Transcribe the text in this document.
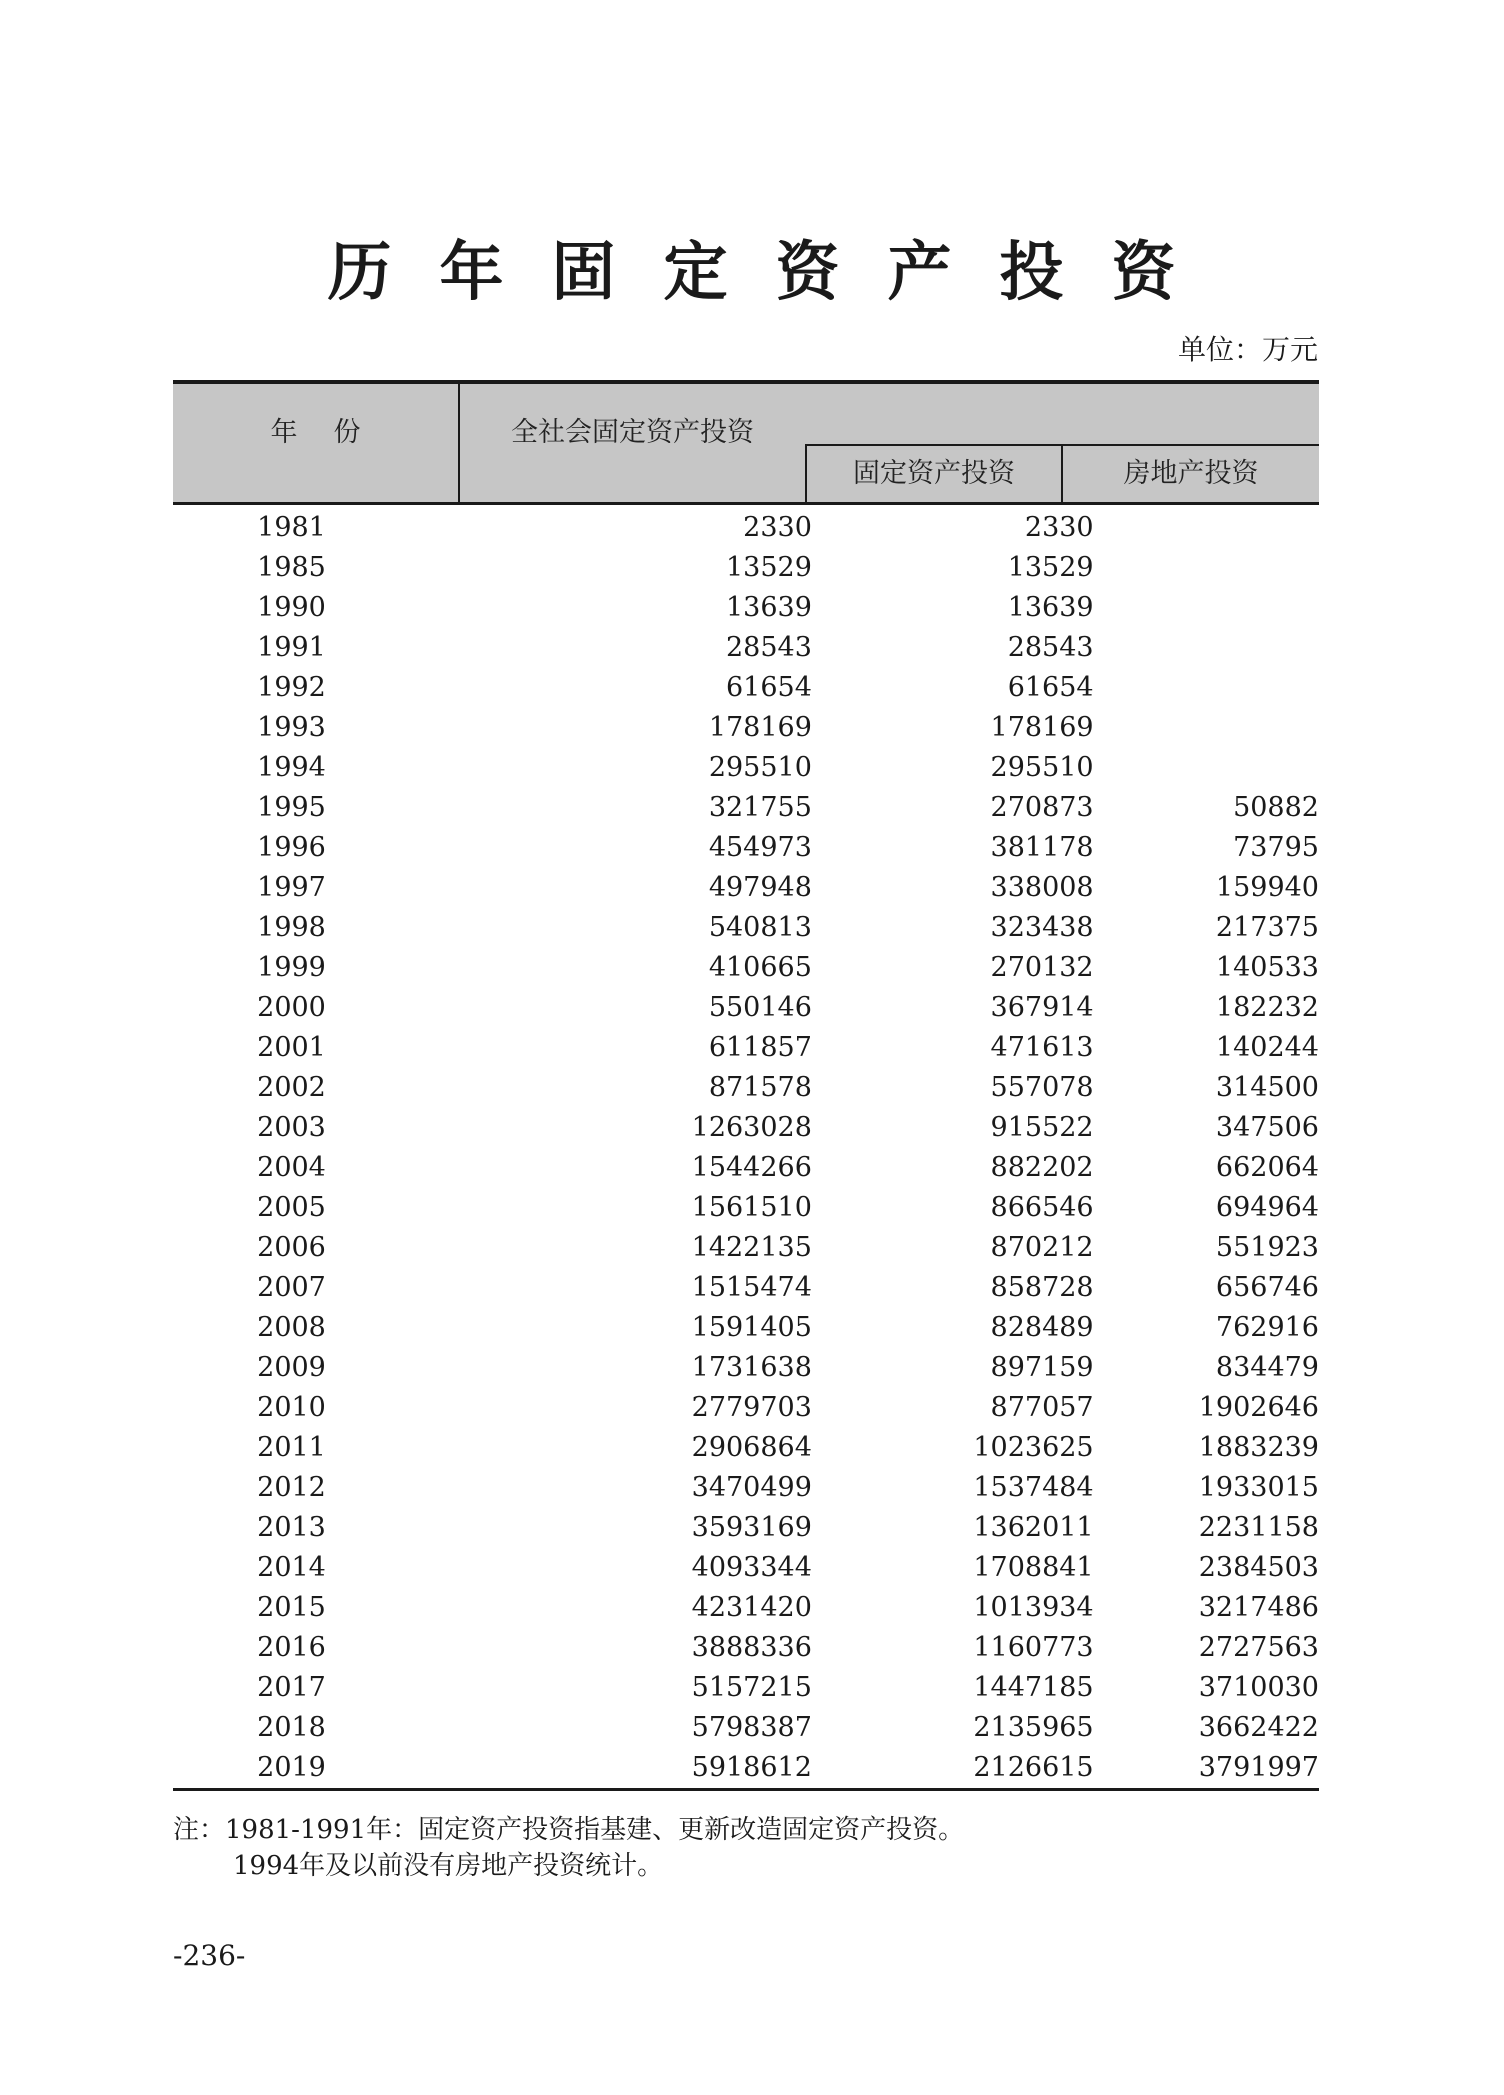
历年固定资产投资
单位：万元
年份	全社会固定资产投资
固定资产投资	房地产投资
1981	2330	2330
1985	13529	13529
1990	13639	13639
1991	28543	28543
1992	61654	61654
1993	178169	178169
1994	295510	295510
1995	321755	270873	50882
1996	454973	381178	73795
1997	497948	338008	159940
1998	540813	323438	217375
1999	410665	270132	140533
2000	550146	367914	182232
2001	611857	471613	140244
2002	871578	557078	314500
2003	1263028	915522	347506
2004	1544266	882202	662064
2005	1561510	866546	694964
2006	1422135	870212	551923
2007	1515474	858728	656746
2008	1591405	828489	762916
2009	1731638	897159	834479
2010	2779703	877057	1902646
2011	2906864	1023625	1883239
2012	3470499	1537484	1933015
2013	3593169	1362011	2231158
2014	4093344	1708841	2384503
2015	4231420	1013934	3217486
2016	3888336	1160773	2727563
2017	5157215	1447185	3710030
2018	5798387	2135965	3662422
2019	5918612	2126615	3791997
注：1981-1991年：固定资产投资指基建、更新改造固定资产投资。
1994年及以前没有房地产投资统计。
-236-
